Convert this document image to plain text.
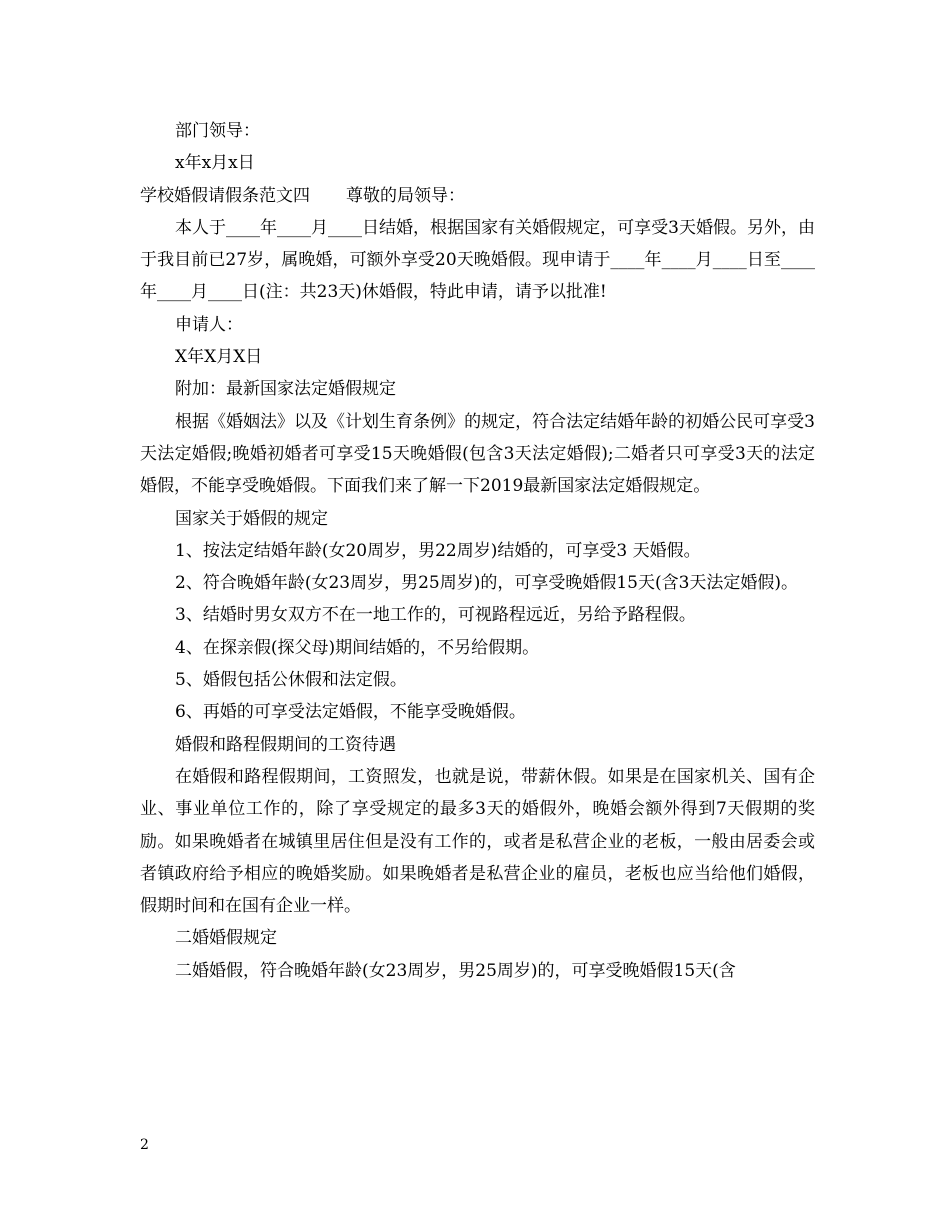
部门领导：

x年x月x日

学校婚假请假条范文四 尊敬的局领导：

本人于____年____月____日结婚，根据国家有关婚假规定，可享受3天婚假。另外，由于我目前已27岁，属晚婚，可额外享受20天晚婚假。现申请于____年____月____日至____年____月____日(注：共23天)休婚假，特此申请，请予以批准!

申请人：

X年X月X日

附加：最新国家法定婚假规定

根据《婚姻法》以及《计划生育条例》的规定，符合法定结婚年龄的初婚公民可享受3天法定婚假;晚婚初婚者可享受15天晚婚假(包含3天法定婚假);二婚者只可享受3天的法定婚假，不能享受晚婚假。下面我们来了解一下2019最新国家法定婚假规定。

国家关于婚假的规定

1、按法定结婚年龄(女20周岁，男22周岁)结婚的，可享受3 天婚假。

2、符合晚婚年龄(女23周岁，男25周岁)的，可享受晚婚假15天(含3天法定婚假)。

3、结婚时男女双方不在一地工作的，可视路程远近，另给予路程假。

4、在探亲假(探父母)期间结婚的，不另给假期。

5、婚假包括公休假和法定假。

6、再婚的可享受法定婚假，不能享受晚婚假。

婚假和路程假期间的工资待遇

在婚假和路程假期间，工资照发，也就是说，带薪休假。如果是在国家机关、国有企业、事业单位工作的，除了享受规定的最多3天的婚假外，晚婚会额外得到7天假期的奖励。如果晚婚者在城镇里居住但是没有工作的，或者是私营企业的老板，一般由居委会或者镇政府给予相应的晚婚奖励。如果晚婚者是私营企业的雇员，老板也应当给他们婚假，假期时间和在国有企业一样。

二婚婚假规定

二婚婚假，符合晚婚年龄(女23周岁，男25周岁)的，可享受晚婚假15天(含

2
